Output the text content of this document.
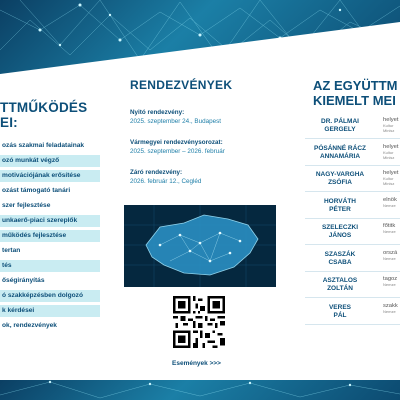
TTMŰKÖDÉS
EI:
ozás szakmai feladatainak
ozó munkát végző
motivációjának erősítése
ozást támogató tanári
szer fejlesztése
unkaerő-piaci szereplők
működés fejlesztése
tertan
tés
őségirányítás
ó szakképzésben dolgozó
k kérdései
ok, rendezvények
RENDEZVÉNYEK
Nyitó rendezvény:
2025. szeptember 24., Budapest
Vármegyei rendezvénysorozat:
2025. szeptember – 2026. február
Záró rendezvény:
2026. február 12., Cegléd
Események >>>
AZ EGYÜTTM
KIEMELT MEI
DR. PÁLMAI
GERGELY
helyet
Kultur
Minisz
PÓSÁNNÉ RÁCZ
ANNAMÁRIA
helyet
Kultur
Minisz
NAGY-VARGHA
ZSÓFIA
helyet
Kultur
Minisz
HORVÁTH
PÉTER
elnök
Nemze
SZELECZKI
JÁNOS
főtitk
Nemze
SZASZÁK
CSABA
orszá
Nemze
ASZTALOS
ZOLTÁN
tagoz
Nemze
VERES
PÁL
szakk
Nemze
